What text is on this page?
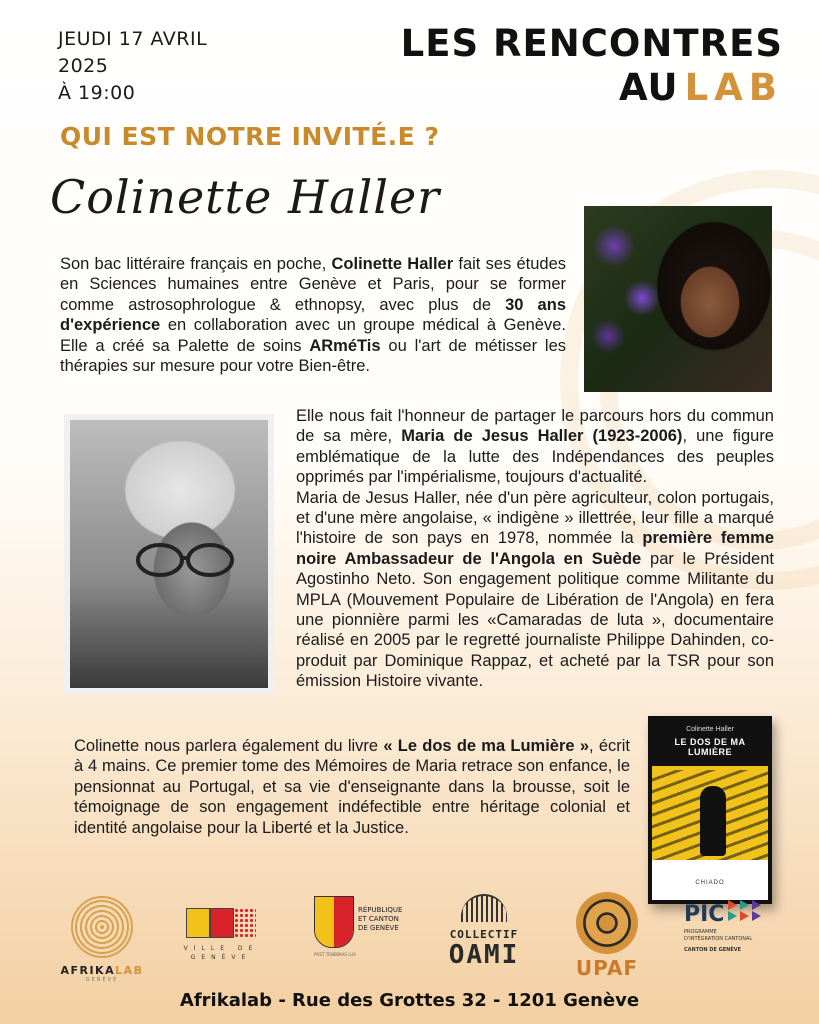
JEUDI 17 AVRIL
2025
À 19:00
LES RENCONTRES
AU LAB
QUI EST NOTRE INVITÉ.E ?
Colinette Haller
Son bac littéraire français en poche, Colinette Haller fait ses études en Sciences humaines entre Genève et Paris, pour se former comme astrosophrologue & ethnopsy, avec plus de 30 ans d'expérience en collaboration avec un groupe médical à Genève. Elle a créé sa Palette de soins ARméTis ou l'art de métisser les thérapies sur mesure pour votre Bien-être.
Elle nous fait l'honneur de partager le parcours hors du commun de sa mère, Maria de Jesus Haller (1923-2006), une figure emblématique de la lutte des Indépendances des peuples opprimés par l'impérialisme, toujours d'actualité.
Maria de Jesus Haller, née d'un père agriculteur, colon portugais, et d'une mère angolaise, « indigène » illettrée, leur fille a marqué l'histoire de son pays en 1978, nommée la première femme noire Ambassadeur de l'Angola en Suède par le Président Agostinho Neto. Son engagement politique comme Militante du MPLA (Mouvement Populaire de Libération de l'Angola) en fera une pionnière parmi les «Camaradas de luta », documentaire réalisé en 2005 par le regretté journaliste Philippe Dahinden, co-produit par Dominique Rappaz, et acheté par la TSR pour son émission Histoire vivante.
Colinette nous parlera également du livre « Le dos de ma Lumière », écrit à 4 mains. Ce premier tome des Mémoires de Maria retrace son enfance, le pensionnat au Portugal, et sa vie d'enseignante dans la brousse, soit le témoignage de son engagement indéfectible entre héritage colonial et identité angolaise pour la Liberté et la Justice.
Colinette Haller
LE DOS DE MA LUMIÈRE
CHIADO
AFRIKALAB
GENÈVE
VILLE DE
GENÈVE
RÉPUBLIQUE
ET CANTON
DE GENÈVE
POST TENEBRAS LUX
COLLECTIF
OAMI	UPAF
PIC
PROGRAMME
D'INTÉGRATION CANTONAL
CANTON DE GENÈVE
Afrikalab - Rue des Grottes 32 - 1201 Genève
